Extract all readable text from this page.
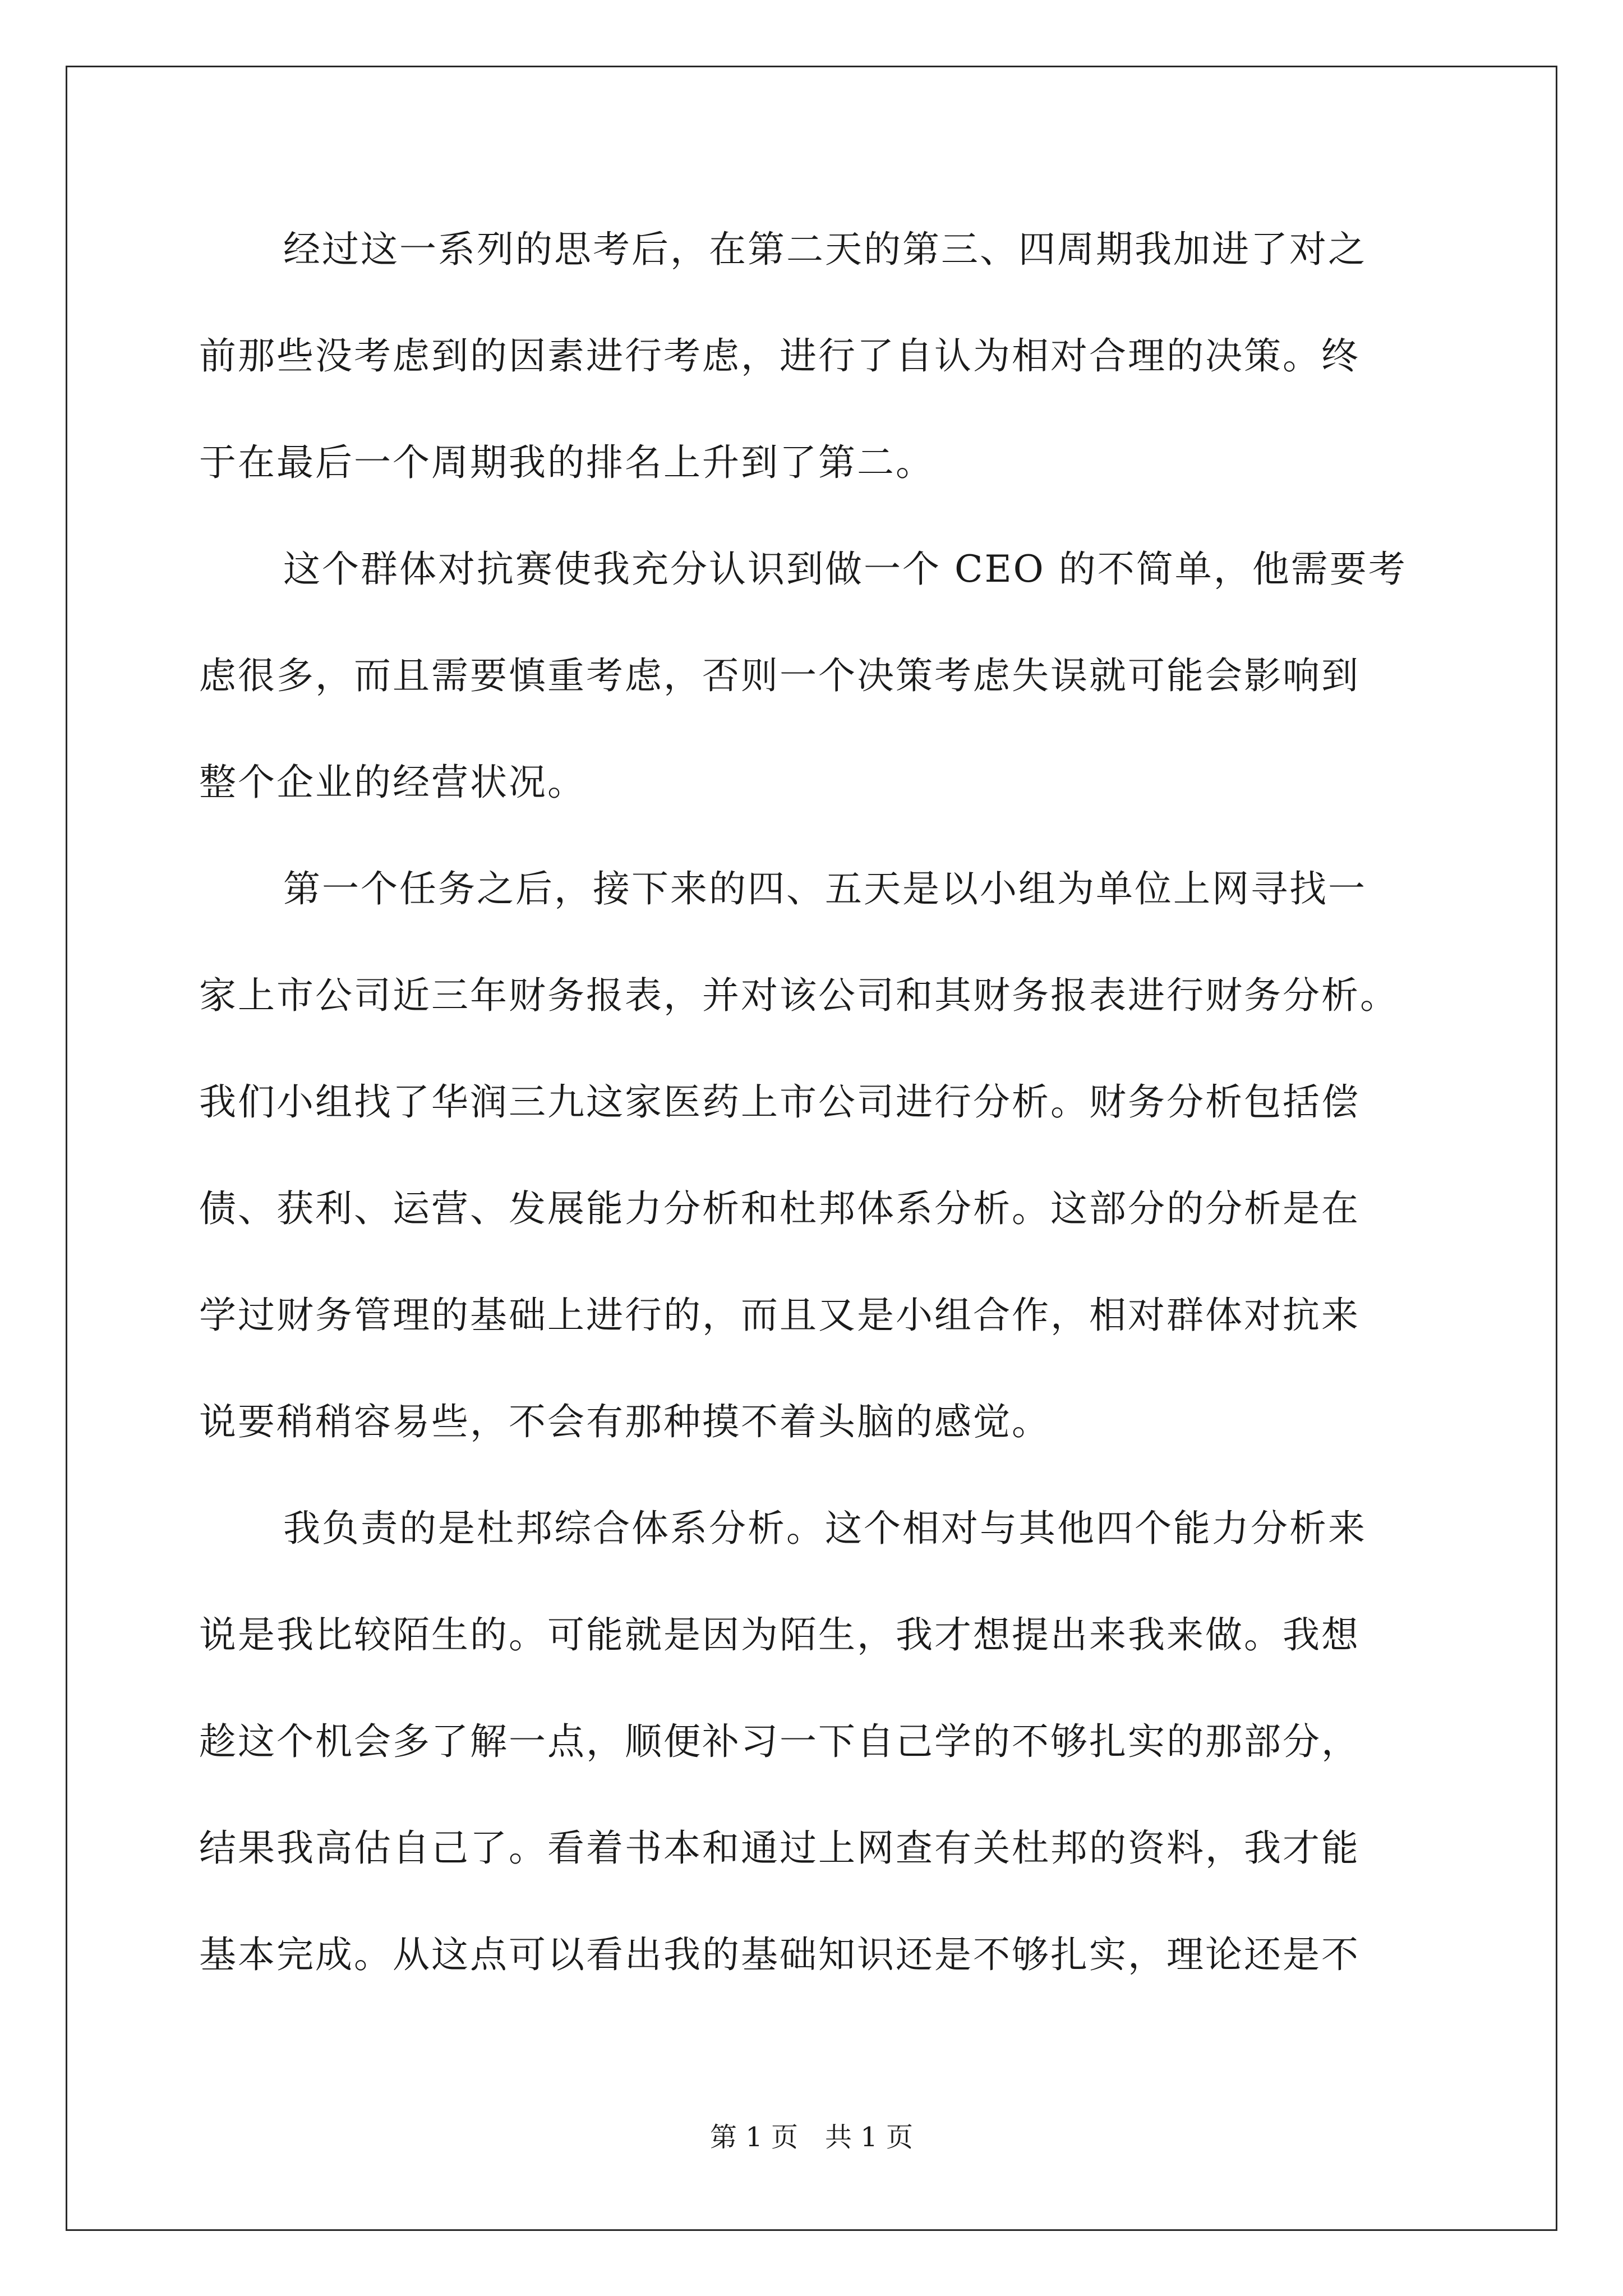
经过这一系列的思考后，在第二天的第三、四周期我加进了对之
前那些没考虑到的因素进行考虑，进行了自认为相对合理的决策。终
于在最后一个周期我的排名上升到了第二。
这个群体对抗赛使我充分认识到做一个 CEO 的不简单，他需要考
虑很多，而且需要慎重考虑，否则一个决策考虑失误就可能会影响到
整个企业的经营状况。
第一个任务之后，接下来的四、五天是以小组为单位上网寻找一
家上市公司近三年财务报表，并对该公司和其财务报表进行财务分析。
我们小组找了华润三九这家医药上市公司进行分析。财务分析包括偿
债、获利、运营、发展能力分析和杜邦体系分析。这部分的分析是在
学过财务管理的基础上进行的，而且又是小组合作，相对群体对抗来
说要稍稍容易些，不会有那种摸不着头脑的感觉。
我负责的是杜邦综合体系分析。这个相对与其他四个能力分析来
说是我比较陌生的。可能就是因为陌生，我才想提出来我来做。我想
趁这个机会多了解一点，顺便补习一下自己学的不够扎实的那部分，
结果我高估自己了。看着书本和通过上网查有关杜邦的资料，我才能
基本完成。从这点可以看出我的基础知识还是不够扎实，理论还是不
第 1 页　共 1 页
